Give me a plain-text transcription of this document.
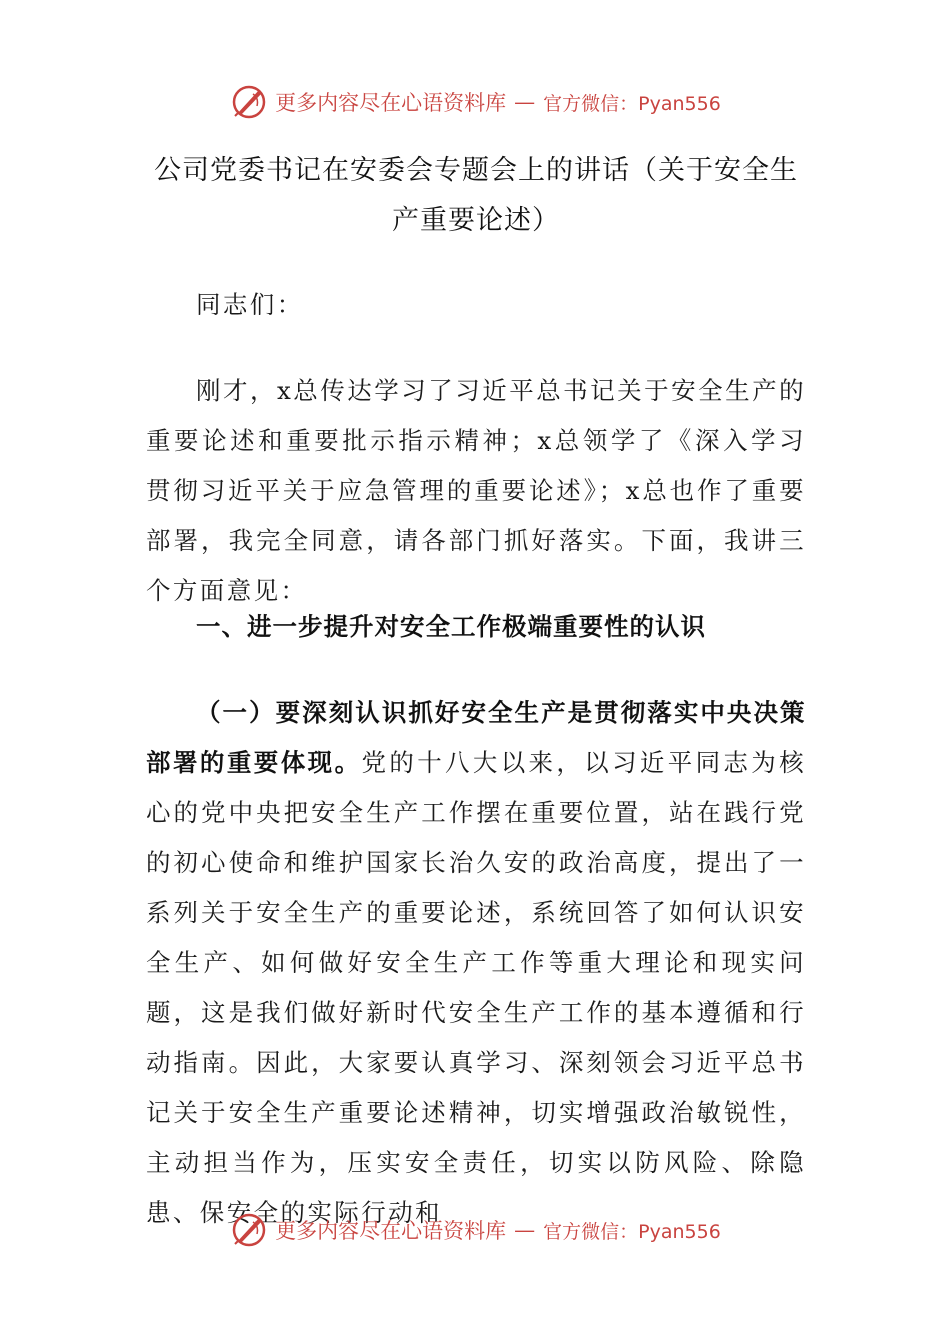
更多内容尽在心语资料库 — 官方微信：Pyan556
公司党委书记在安委会专题会上的讲话（关于安全生产重要论述）

同志们：

刚才，x总传达学习了习近平总书记关于安全生产的重要论述和重要批示指示精神；x总领学了《深入学习贯彻习近平关于应急管理的重要论述》；x总也作了重要部署，我完全同意，请各部门抓好落实。下面，我讲三个方面意见：

一、进一步提升对安全工作极端重要性的认识

（一）要深刻认识抓好安全生产是贯彻落实中央决策部署的重要体现。党的十八大以来，以习近平同志为核心的党中央把安全生产工作摆在重要位置，站在践行党的初心使命和维护国家长治久安的政治高度，提出了一系列关于安全生产的重要论述，系统回答了如何认识安全生产、如何做好安全生产工作等重大理论和现实问题，这是我们做好新时代安全生产工作的基本遵循和行动指南。因此，大家要认真学习、深刻领会习近平总书记关于安全生产重要论述精神，切实增强政治敏锐性，主动担当作为，压实安全责任，切实以防风险、除隐患、保安全的实际行动和

更多内容尽在心语资料库 — 官方微信：Pyan556
